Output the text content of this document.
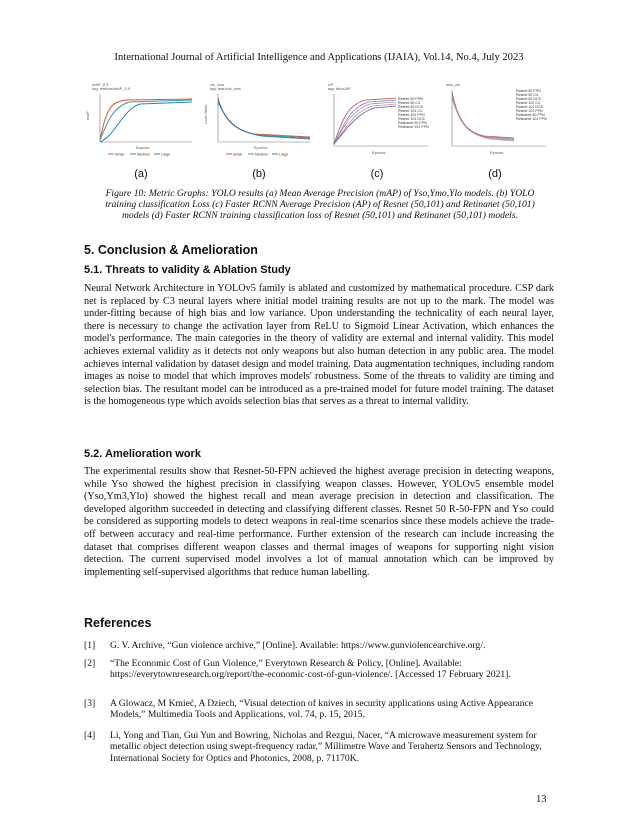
International Journal of Artificial Intelligence and Applications (IJAIA), Vol.14, No.4, July 2023
mAP_0.5
tag: metrics/mAP_0.5
mAP
Epochs
Small	Medium	Large
(a)
cls_loss
tag: train/cls_loss
Loss Value
Epochs
Small	Medium	Large
(b)
AP
tag: bbox/AP
Resnet 50 FPN
Resnet 50 C4
Resnet 50 DC5
Resnet 101 C4
Resnet 101 FPN
Resnet 101 DC5
Retinanet 50 FPN
Retinanet 101 FPN
Epochs
(c)
loss_cls
Resnet 50 FPN
Resnet 50 C4
Resnet 50 DC5
Resnet 101 C4
Resnet 101 DC5
Resnet 101 FPN
Retinanet 50 FPN
Retinanet 101 FPN
Epochs
(d)
Figure 10: Metric Graphs: YOLO results (a) Mean Average Precision (mAP) of Yso,Ymo,Ylo models. (b) YOLO training classification Loss (c) Faster RCNN Average Precision (AP) of Resnet (50,101) and Retinanet (50,101) models (d) Faster RCNN training classification loss of Resnet (50,101) and Retinanet (50,101) models.
5. Conclusion & Amelioration
5.1. Threats to validity & Ablation Study

Neural Network Architecture in YOLOv5 family is ablated and customized by mathematical procedure. CSP dark net is replaced by C3 neural layers where initial model training results are not up to the mark. The model was under-fitting because of high bias and low variance. Upon understanding the technicality of each neural layer, there is necessary to change the activation layer from ReLU to Sigmoid Linear Activation, which enhances the model's performance. The main categories in the theory of validity are external and internal validity. This model achieves external validity as it detects not only weapons but also human detection in any public area. The model achieves internal validation by dataset design and model training. Data augmentation techniques, including random images as noise to model that which improves models' robustness. Some of the threats to validity are timing and selection bias. The resultant model can be introduced as a pre-trained model for future model training. The dataset is the homogeneous type which avoids selection bias that serves as a threat to internal validity.

5.2. Amelioration work

The experimental results show that Resnet-50-FPN achieved the highest average precision in detecting weapons, while Yso showed the highest precision in classifying weapon classes. However, YOLOv5 ensemble model (Yso,Ym3,Ylo) showed the highest recall and mean average precision in detection and classification. The developed algorithm succeeded in detecting and classifying different classes. Resnet 50 R-50-FPN and Yso could be considered as supporting models to detect weapons in real-time scenarios since these models achieve the trade-off between accuracy and real-time performance. Further extension of the research can include increasing the dataset that comprises different weapon classes and thermal images of weapons for supporting night vision detection. The current supervised model involves a lot of manual annotation which can be improved by implementing self-supervised algorithms that reduce human labelling.

References
[1] G. V. Archive, “Gun violence archive,” [Online]. Available: https://www.gunviolencearchive.org/.
[2] “The Economic Cost of Gun Violence,” Everytown Research & Policy, [Online]. Available: https://everytownresearch.org/report/the-economic-cost-of-gun-violence/. [Accessed 17 February 2021].
[3] A Glowacz, M Kmieć, A Dziech, “Visual detection of knives in security applications using Active Appearance Models,” Multimedia Tools and Applications, vol. 74, p. 15, 2015.
[4] Li, Yong and Tian, Gui Yun and Bowring, Nicholas and Rezgui, Nacer, “A microwave measurement system for metallic object detection using swept-frequency radar,” Millimetre Wave and Terahertz Sensors and Technology, International Society for Optics and Photonics, 2008, p. 71170K.
13
